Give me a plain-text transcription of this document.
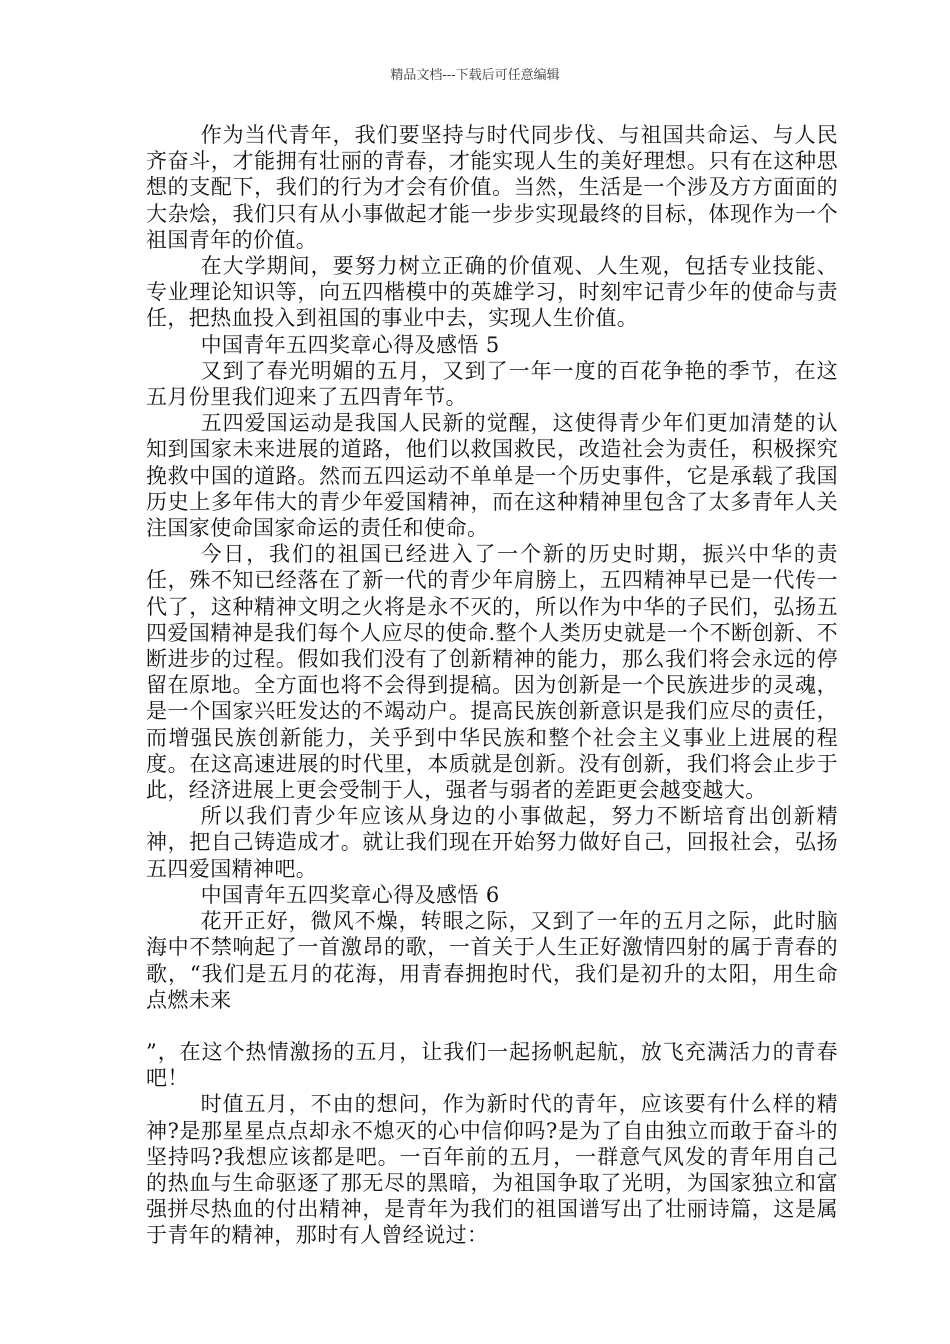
精品文档---下载后可任意编辑

作为当代青年，我们要坚持与时代同步伐、与祖国共命运、与人民齐奋斗，才能拥有壮丽的青春，才能实现人生的美好理想。只有在这种思想的支配下，我们的行为才会有价值。当然，生活是一个涉及方方面面的大杂烩，我们只有从小事做起才能一步步实现最终的目标，体现作为一个祖国青年的价值。

在大学期间，要努力树立正确的价值观、人生观，包括专业技能、专业理论知识等，向五四楷模中的英雄学习，时刻牢记青少年的使命与责任，把热血投入到祖国的事业中去，实现人生价值。

中国青年五四奖章心得及感悟 5

又到了春光明媚的五月，又到了一年一度的百花争艳的季节，在这五月份里我们迎来了五四青年节。

五四爱国运动是我国人民新的觉醒，这使得青少年们更加清楚的认知到国家未来进展的道路，他们以救国救民，改造社会为责任，积极探究挽救中国的道路。然而五四运动不单单是一个历史事件，它是承载了我国历史上多年伟大的青少年爱国精神，而在这种精神里包含了太多青年人关注国家使命国家命运的责任和使命。

今日，我们的祖国已经进入了一个新的历史时期，振兴中华的责任，殊不知已经落在了新一代的青少年肩膀上，五四精神早已是一代传一代了，这种精神文明之火将是永不灭的，所以作为中华的子民们，弘扬五四爱国精神是我们每个人应尽的使命.整个人类历史就是一个不断创新、不断进步的过程。假如我们没有了创新精神的能力，那么我们将会永远的停留在原地。全方面也将不会得到提稿。因为创新是一个民族进步的灵魂，是一个国家兴旺发达的不竭动户。提高民族创新意识是我们应尽的责任，而增强民族创新能力，关乎到中华民族和整个社会主义事业上进展的程度。在这高速进展的时代里，本质就是创新。没有创新，我们将会止步于此，经济进展上更会受制于人，强者与弱者的差距更会越变越大。

所以我们青少年应该从身边的小事做起，努力不断培育出创新精神，把自己铸造成才。就让我们现在开始努力做好自己，回报社会，弘扬五四爱国精神吧。

中国青年五四奖章心得及感悟 6

花开正好，微风不燥，转眼之际，又到了一年的五月之际，此时脑海中不禁响起了一首激昂的歌，一首关于人生正好激情四射的属于青春的歌，“我们是五月的花海，用青春拥抱时代，我们是初升的太阳，用生命点燃未来

”，在这个热情激扬的五月，让我们一起扬帆起航，放飞充满活力的青春吧！

时值五月，不由的想问，作为新时代的青年，应该要有什么样的精神?是那星星点点却永不熄灭的心中信仰吗?是为了自由独立而敢于奋斗的坚持吗?我想应该都是吧。一百年前的五月，一群意气风发的青年用自己的热血与生命驱逐了那无尽的黑暗，为祖国争取了光明，为国家独立和富强拼尽热血的付出精神，是青年为我们的祖国谱写出了壮丽诗篇，这是属于青年的精神，那时有人曾经说过：
